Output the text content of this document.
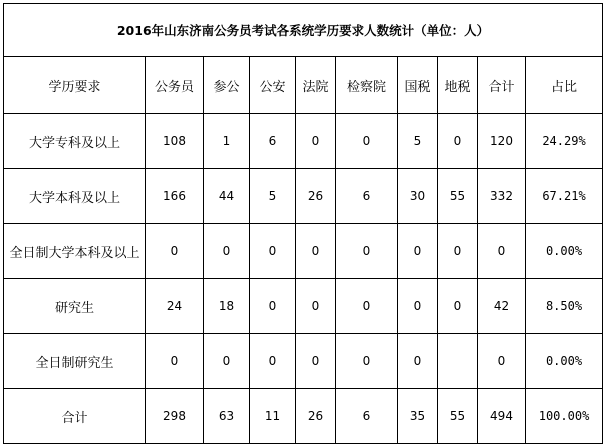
2016年山东济南公务员考试各系统学历要求人数统计（单位：人）									
学历要求	公务员	参公	公安	法院	检察院	国税	地税	合计	占比
大学专科及以上	108	1	6	0	0	5	0	120	24.29%
大学本科及以上	166	44	5	26	6	30	55	332	67.21%
全日制大学本科及以上	0	0	0	0	0	0	0	0	0.00%
研究生	24	18	0	0	0	0	0	42	8.50%
全日制研究生	0	0	0	0	0	0		0	0.00%
合计	298	63	11	26	6	35	55	494	100.00%
